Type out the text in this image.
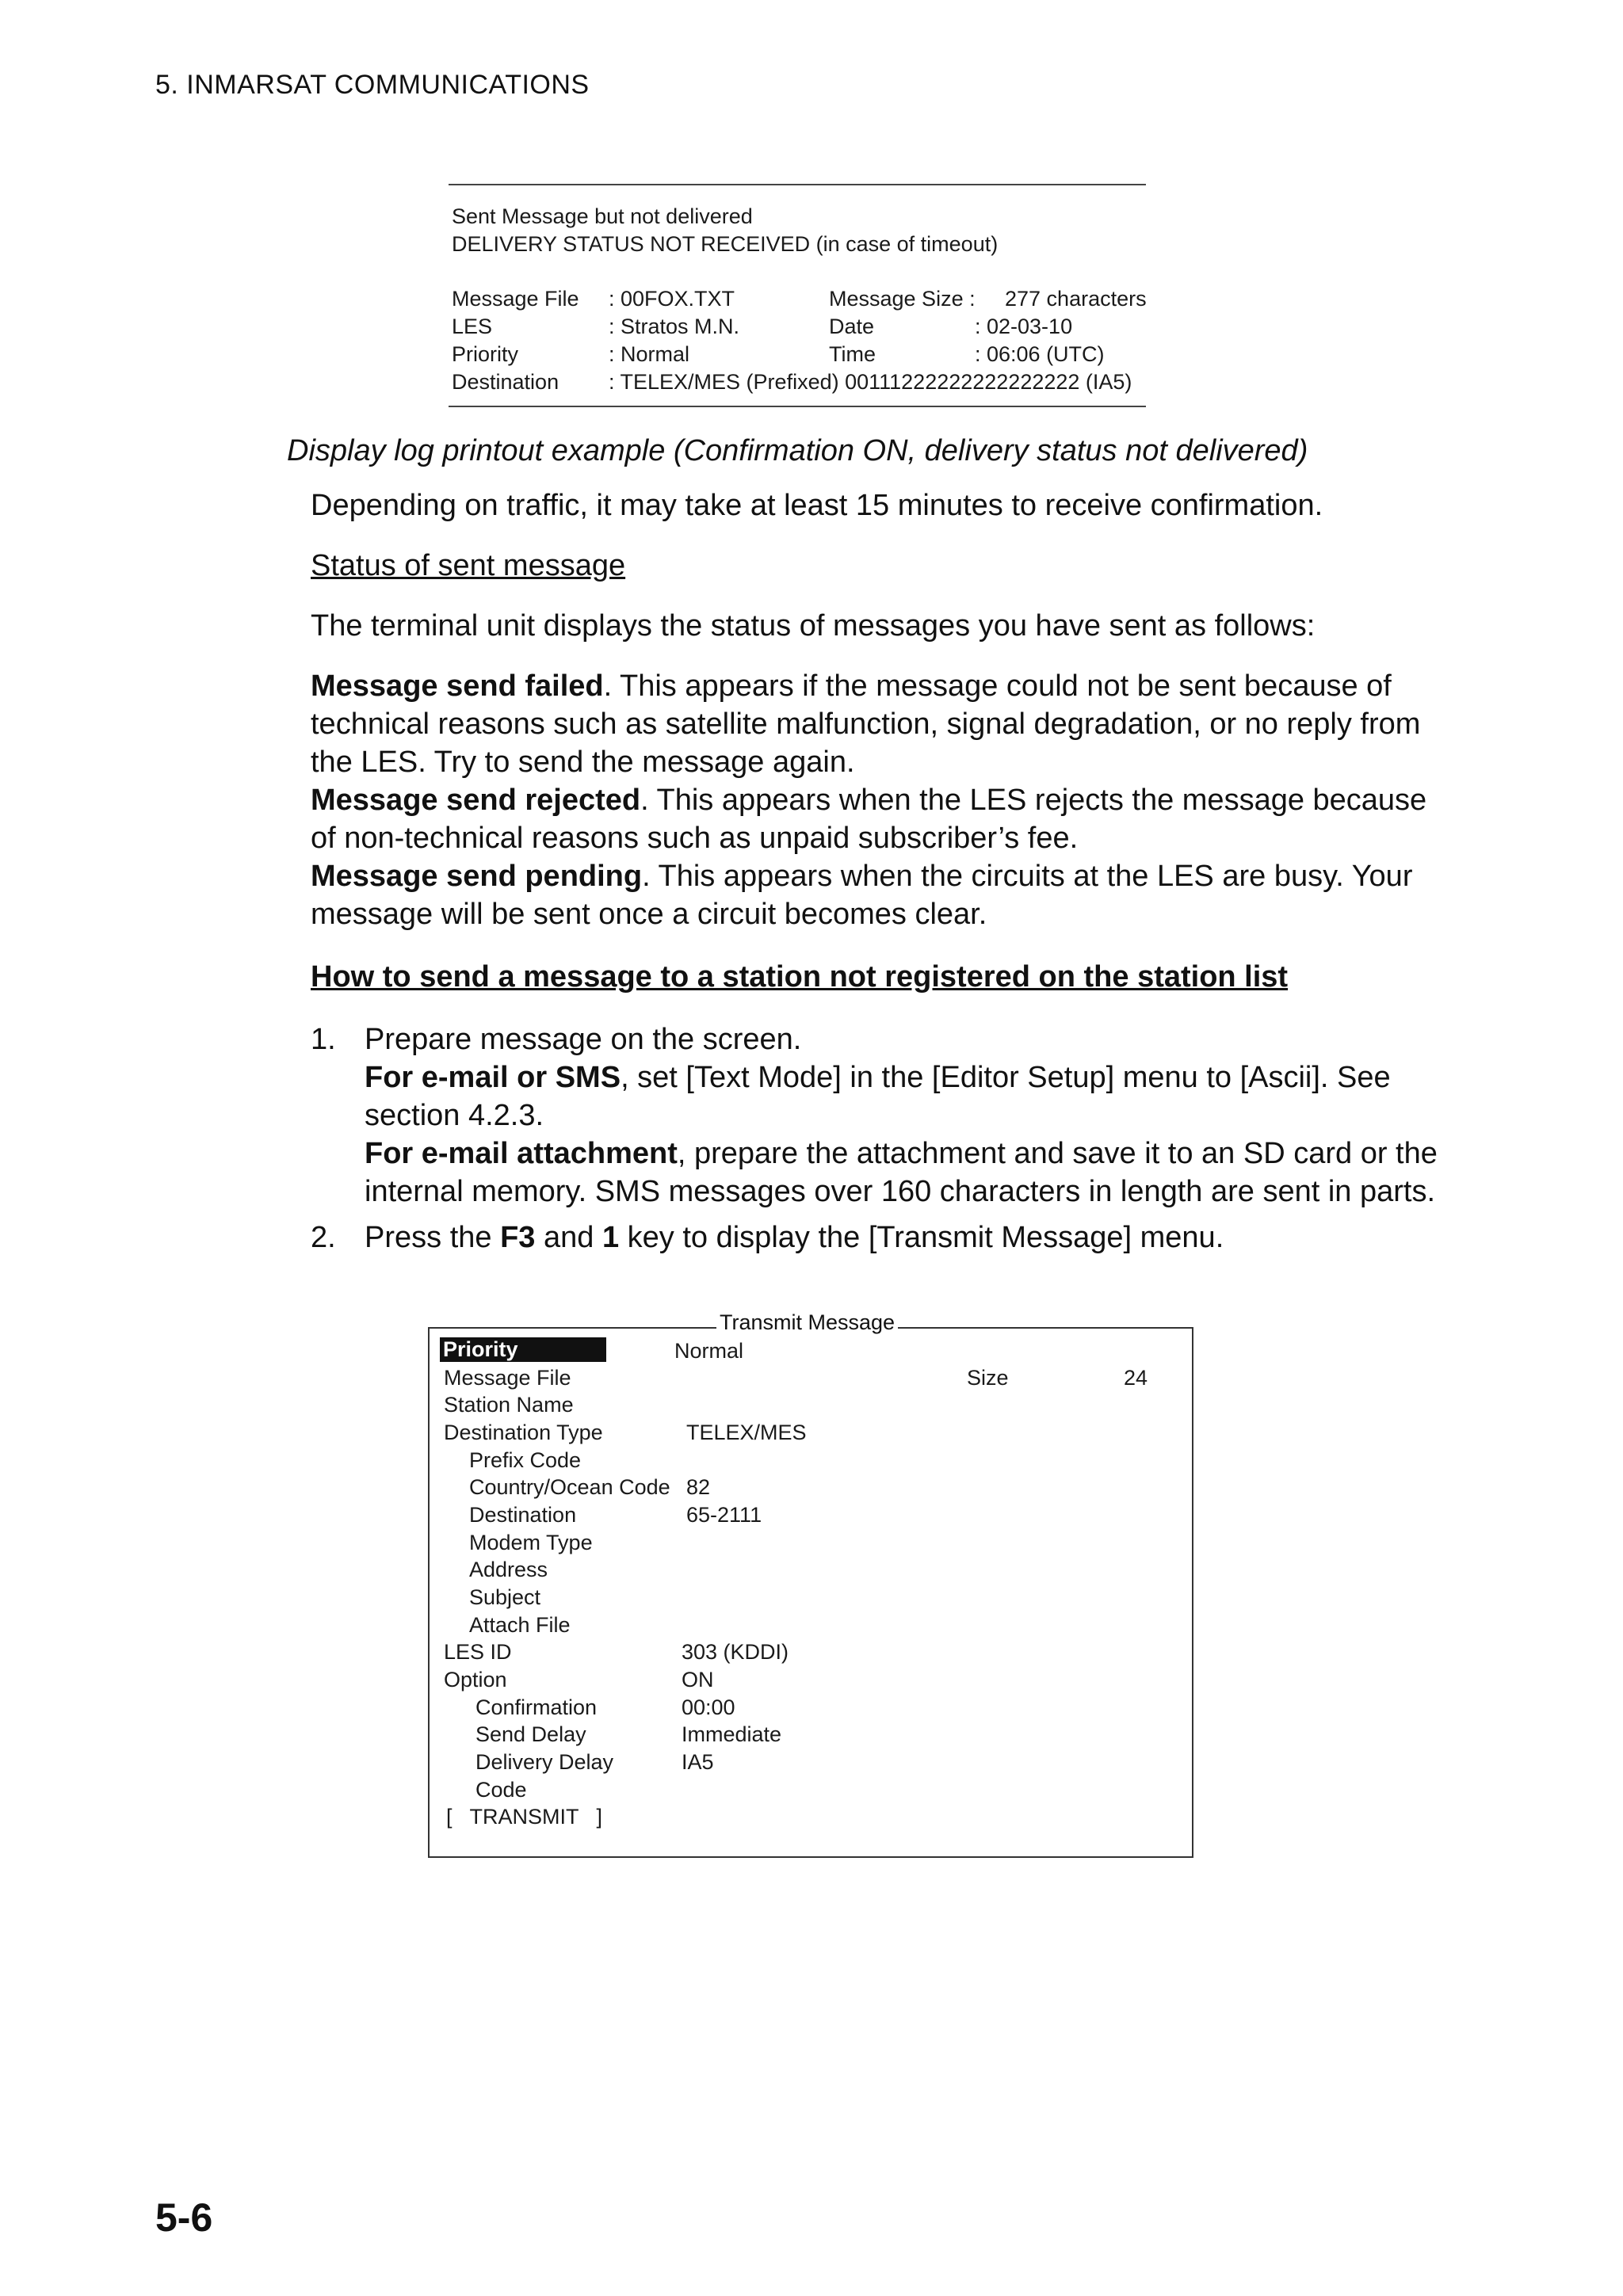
5. INMARSAT COMMUNICATIONS
Sent Message but not delivered
DELIVERY STATUS NOT RECEIVED (in case of timeout)
Message File : 00FOX.TXT	Message Size : 277 characters
LES	: Stratos M.N.	Date	: 02-03-10
Priority	: Normal	Time	: 06:06 (UTC)
Destination : TELEX/MES (Prefixed) 00111222222222222222 (IA5)
Display log printout example (Confirmation ON, delivery status not delivered)
Depending on traffic, it may take at least 15 minutes to receive confirmation.
Status of sent message
The terminal unit displays the status of messages you have sent as follows:
Message send failed. This appears if the message could not be sent because of technical reasons such as satellite malfunction, signal degradation, or no reply from the LES. Try to send the message again.
Message send rejected. This appears when the LES rejects the message because of non-technical reasons such as unpaid subscriber’s fee.
Message send pending. This appears when the circuits at the LES are busy. Your message will be sent once a circuit becomes clear.
How to send a message to a station not registered on the station list
1. Prepare message on the screen.
For e-mail or SMS, set [Text Mode] in the [Editor Setup] menu to [Ascii]. See section 4.2.3.
For e-mail attachment, prepare the attachment and save it to an SD card or the internal memory. SMS messages over 160 characters in length are sent in parts.
2. Press the F3 and 1 key to display the [Transmit Message] menu.
Transmit Message
Priority	Normal
Message File	Size	24
Station Name
Destination Type	TELEX/MES
Prefix Code
Country/Ocean Code 82
Destination	65-2111
Modem Type
Address
Subject
Attach File
LES ID	303 (KDDI)
Option	ON
Confirmation	00:00
Send Delay	Immediate
Delivery Delay	IA5
Code
[   TRANSMIT   ]
5-6
